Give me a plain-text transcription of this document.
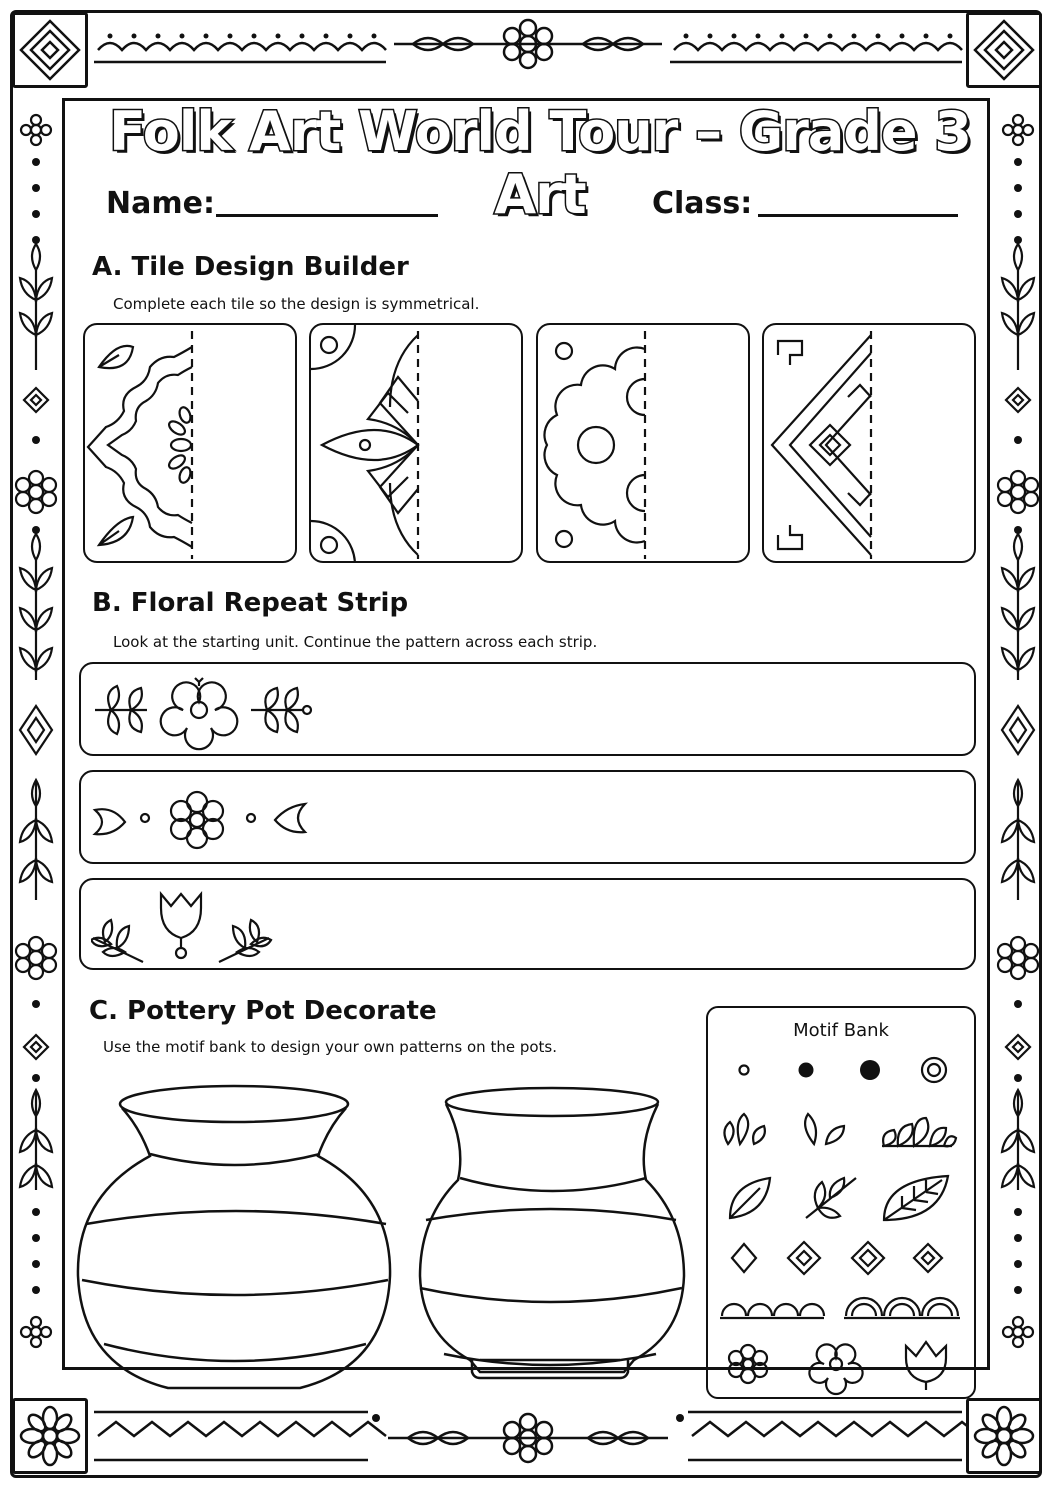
Folk Art World Tour – Grade 3 Art
Name:	Class:
A. Tile Design Builder
Complete each tile so the design is symmetrical.
B. Floral Repeat Strip
Look at the starting unit. Continue the pattern across each strip.
C. Pottery Pot Decorate
Use the motif bank to design your own patterns on the pots.
Motif Bank
